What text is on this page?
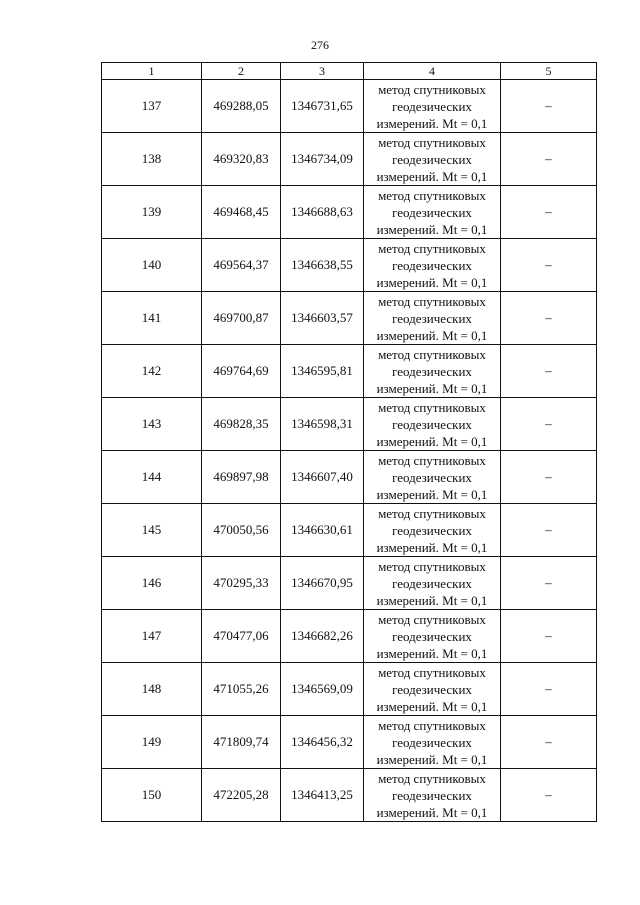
276
1	2	3	4	5
137	469288,05	1346731,65	метод спутниковых
геодезических
измерений. Mt = 0,1	–
138	469320,83	1346734,09	метод спутниковых
геодезических
измерений. Mt = 0,1	–
139	469468,45	1346688,63	метод спутниковых
геодезических
измерений. Mt = 0,1	–
140	469564,37	1346638,55	метод спутниковых
геодезических
измерений. Mt = 0,1	–
141	469700,87	1346603,57	метод спутниковых
геодезических
измерений. Mt = 0,1	–
142	469764,69	1346595,81	метод спутниковых
геодезических
измерений. Mt = 0,1	–
143	469828,35	1346598,31	метод спутниковых
геодезических
измерений. Mt = 0,1	–
144	469897,98	1346607,40	метод спутниковых
геодезических
измерений. Mt = 0,1	–
145	470050,56	1346630,61	метод спутниковых
геодезических
измерений. Mt = 0,1	–
146	470295,33	1346670,95	метод спутниковых
геодезических
измерений. Mt = 0,1	–
147	470477,06	1346682,26	метод спутниковых
геодезических
измерений. Mt = 0,1	–
148	471055,26	1346569,09	метод спутниковых
геодезических
измерений. Mt = 0,1	–
149	471809,74	1346456,32	метод спутниковых
геодезических
измерений. Mt = 0,1	–
150	472205,28	1346413,25	метод спутниковых
геодезических
измерений. Mt = 0,1	–
